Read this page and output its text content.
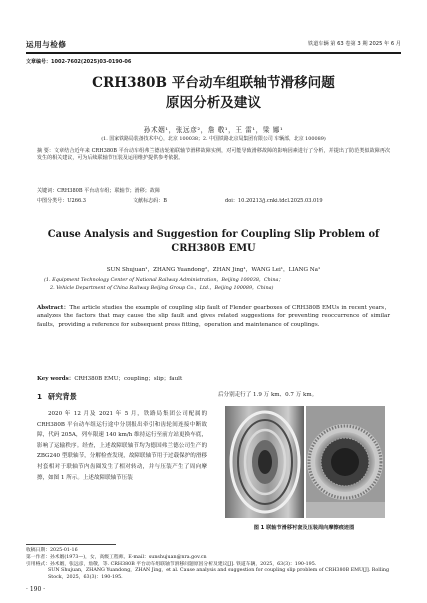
运用与检修	铁道车辆 第 63 卷第 3 期 2025 年 6 月
文章编号：1002-7602(2025)03-0190-06
CRH380B 平台动车组联轴节滑移问题
原因分析及建议
孙术姻¹，张远彦²，詹 敬¹，王 雷¹，梁 娜¹
(1. 国家铁路局装备技术中心，北京 100038；2. 中国铁路北京局集团有限公司 车辆部，北京 100089)
摘 要：文章结合近年来 CRH380B 平台动车组弗兰德齿轮箱联轴节滑移故障实例，对可能导致滑移故障的影响因素进行了分析，并提出了防范类似故障再次发生的相关建议，可为后续联轴节压装及运用维护提供参考依据。
关键词：CRH380B 平台动车组；联轴节；滑移；故障
中图分类号：U266.3	文献标志码：B	doi：10.20213/j.cnki.tdcl.2025.03.019
Cause Analysis and Suggestion for Coupling Slip Problem of
CRH380B EMU
SUN Shujuan¹，ZHANG Yuandong²，ZHAN Jing¹，WANG Lei¹，LIANG Na¹
(1. Equipment Technology Center of National Railway Administration，Beijing 100038，China；
2. Vehicle Department of China Railway Beijing Group Co.，Ltd.，Beijing 100089，China)
Abstract：The article studies the example of coupling slip fault of Flender gearboxes of CRH380B EMUs in recent years，analyzes the factors that may cause the slip fault and gives related suggestions for preventing reoccurrence of similar faults，providing a reference for subsequent press fitting，operation and maintenance of couplings.
Key words：CRH380B EMU；coupling；slip；fault
1 研究背景
2020 年 12 月及 2021 年 5 月，铁路局集团公司配属的 CRH380B 平台动车组运行途中分别报出牵引和齿轮间连接中断故障，代码 205A，列车限速 140 km/h 维持运行至前方站更换车底，影响了运输秩序。经查，上述故障联轴节均为德国弗兰德公司生产的 ZBG240 型联轴节，分解检查发现，故障联轴节用于过载保护的滑移衬套相对于联轴节内齿圈发生了相对转动，并与压装产生了周向摩擦，如图 1 所示。上述故障联轴节压装
后分别走行了 1.9 万 km、0.7 万 km。
图 1 联轴节滑移衬套及压装周向摩擦痕迹图
收稿日期：2025-01-16
第一作者：孙术姻(1973—)，女，高级工程师。E-mail：sunshujuan@nra.gov.cn
引用格式：孙术姻，张远彦，詹敬，等. CRH380B 平台动车组联轴节滑移问题原因分析及建议[J]. 铁道车辆，2025，63(3)：190-195.
SUN Shujuan，ZHANG Yuandong，ZHAN Jing，et al. Cause analysis and suggestion for coupling slip problem of CRH380B EMU[J]. Rolling Stock，2025，63(3)：190-195.
· 190 ·
